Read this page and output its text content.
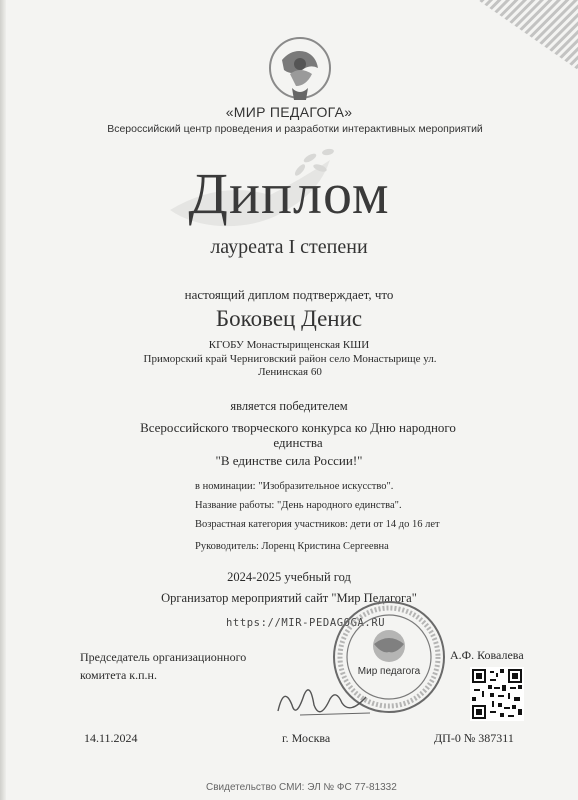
«МИР ПЕДАГОГА»
Всероссийский центр проведения и разработки интерактивных мероприятий
Диплом
лауреата I степени
настоящий диплом подтверждает, что
Боковец Денис
КГОБУ Монастырищенская КШИ
Приморский край Черниговский район село Монастырище ул. Ленинская 60
является победителем
Всероссийского творческого конкурса ко Дню народного единства
"В единстве сила России!"
в номинации: "Изобразительное искусство".
Название работы: "День народного единства".
Возрастная категория участников: дети от 14 до 16 лет
Руководитель: Лоренц Кристина Сергеевна
2024-2025 учебный год
Организатор мероприятий сайт "Мир Педагога"
https://MIR-PEDAGOGA.RU
Председатель организационного
комитета к.п.н.
А.Ф. Ковалева
Мир педагога
14.11.2024	г. Москва	ДП-0 № 387311
Свидетельство СМИ: ЭЛ № ФС 77-81332
